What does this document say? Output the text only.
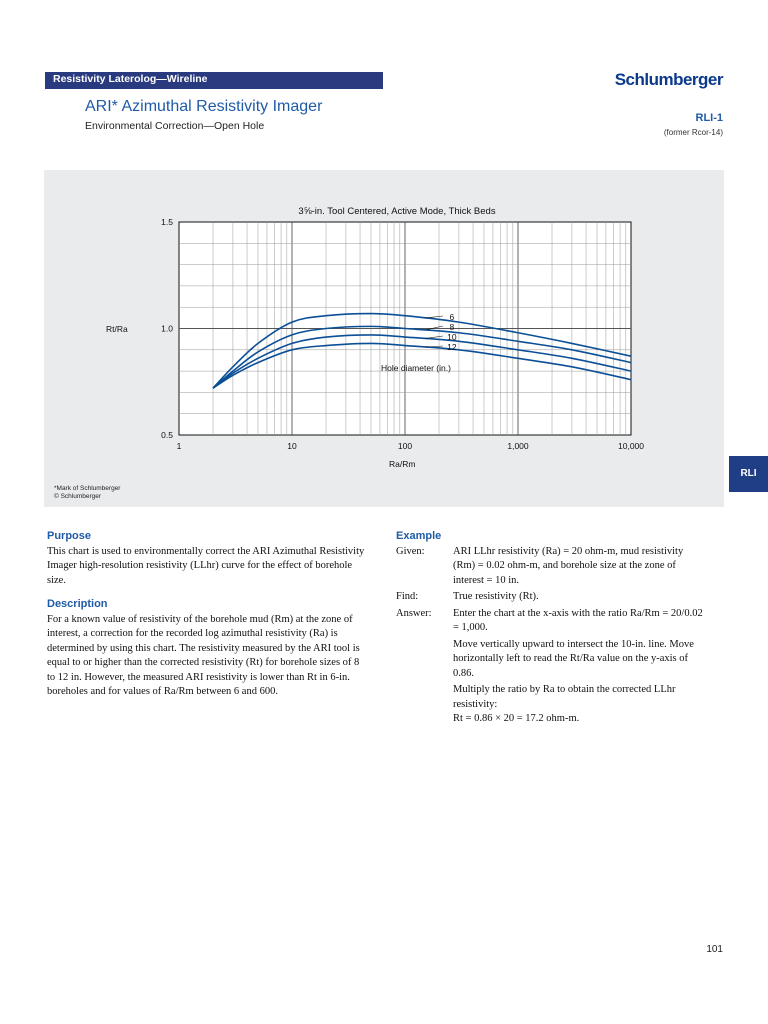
Resistivity Laterolog—Wireline	Schlumberger
ARI* Azimuthal Resistivity Imager
Environmental Correction—Open Hole
RLI-1
(former Rcor-14)
3⅝-in. Tool Centered, Active Mode, Thick Beds
1	10	100	1,000	10,000
0.5
1.0
1.5
6
8
10
12
Hole diameter (in.)
Rt/Ra
Ra/Rm
*Mark of Schlumberger
© Schlumberger
RLI
Purpose

This chart is used to environmentally correct the ARI Azimuthal Resistivity Imager high-resolution resistivity (LLhr) curve for the effect of borehole size.

Description

For a known value of resistivity of the borehole mud (Rm) at the zone of interest, a correction for the recorded log azimuthal resistivity (Ra) is determined by using this chart. The resistivity measured by the ARI tool is equal to or higher than the corrected resistivity (Rt) for borehole sizes of 8 to 12 in. However, the measured ARI resistivity is lower than Rt in 6-in. boreholes and for values of Ra/Rm between 6 and 600.

Example
Given:	ARI LLhr resistivity (Ra) = 20 ohm-m, mud resistivity (Rm) = 0.02 ohm-m, and borehole size at the zone of interest = 10 in.
Find:	True resistivity (Rt).
Answer: Enter the chart at the x-axis with the ratio Ra/Rm = 20/0.02 = 1,000.

Move vertically upward to intersect the 10-in. line. Move horizontally left to read the Rt/Ra value on the y-axis of 0.86.

Multiply the ratio by Ra to obtain the corrected LLhr resistivity:

Rt = 0.86 × 20 = 17.2 ohm-m.

101
